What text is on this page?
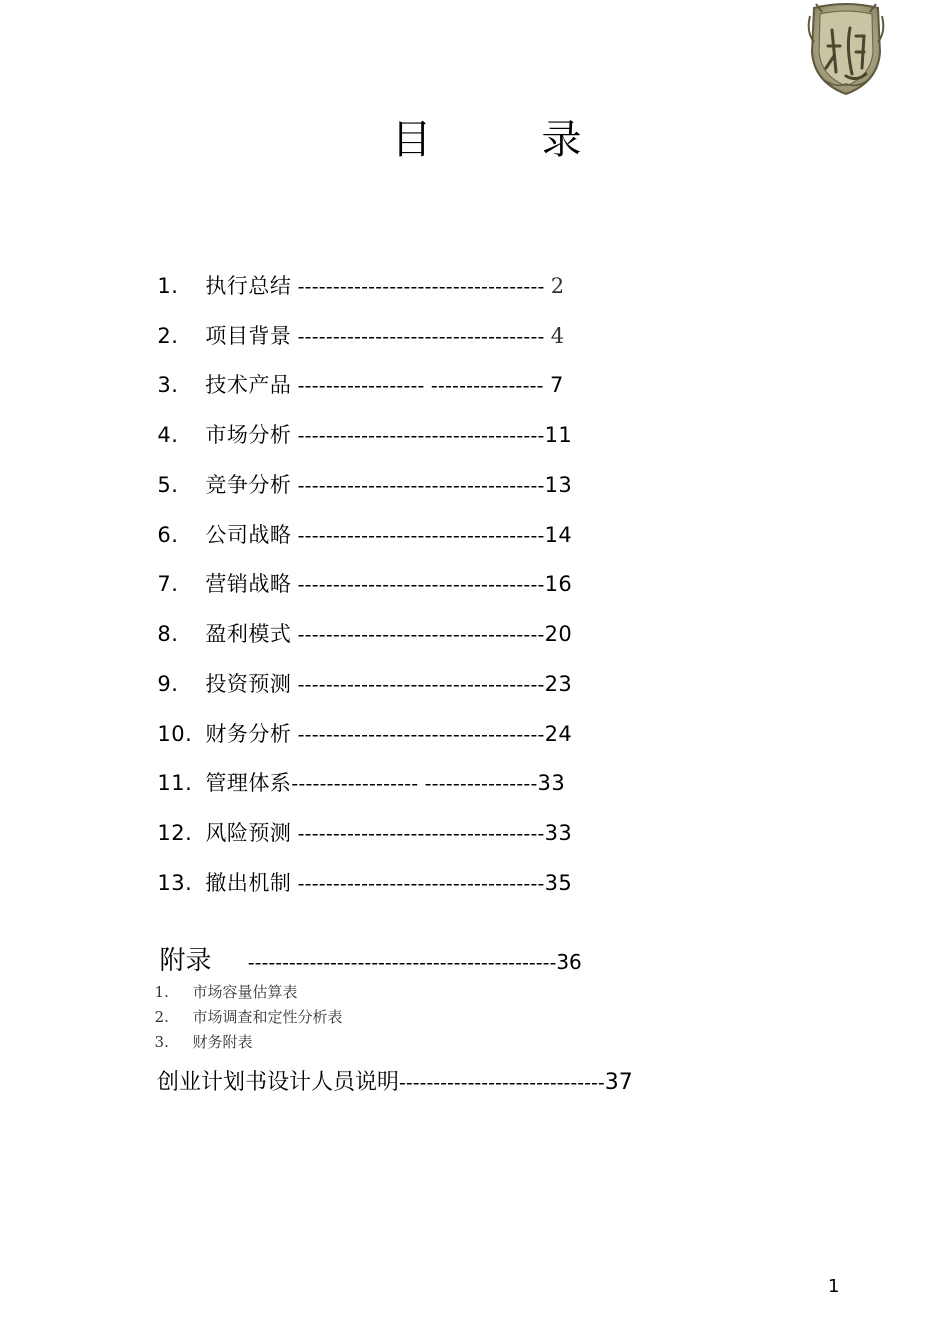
目	录

1. 执行总结 ----------------------------------- 2

2. 项目背景 ----------------------------------- 4

3. 技术产品 ------------------ ---------------- 7

4. 市场分析 -----------------------------------11

5. 竞争分析 -----------------------------------13

6. 公司战略 -----------------------------------14

7. 营销战略 -----------------------------------16

8. 盈利模式 -----------------------------------20

9. 投资预测 -----------------------------------23

10. 财务分析 -----------------------------------24

11. 管理体系------------------ ----------------33

12. 风险预测 -----------------------------------33

13. 撤出机制 -----------------------------------35

附录      ---------------------------------------------36

1. 市场容量估算表

2. 市场调查和定性分析表

3. 财务附表

创业计划书设计人员说明------------------------------37

1
